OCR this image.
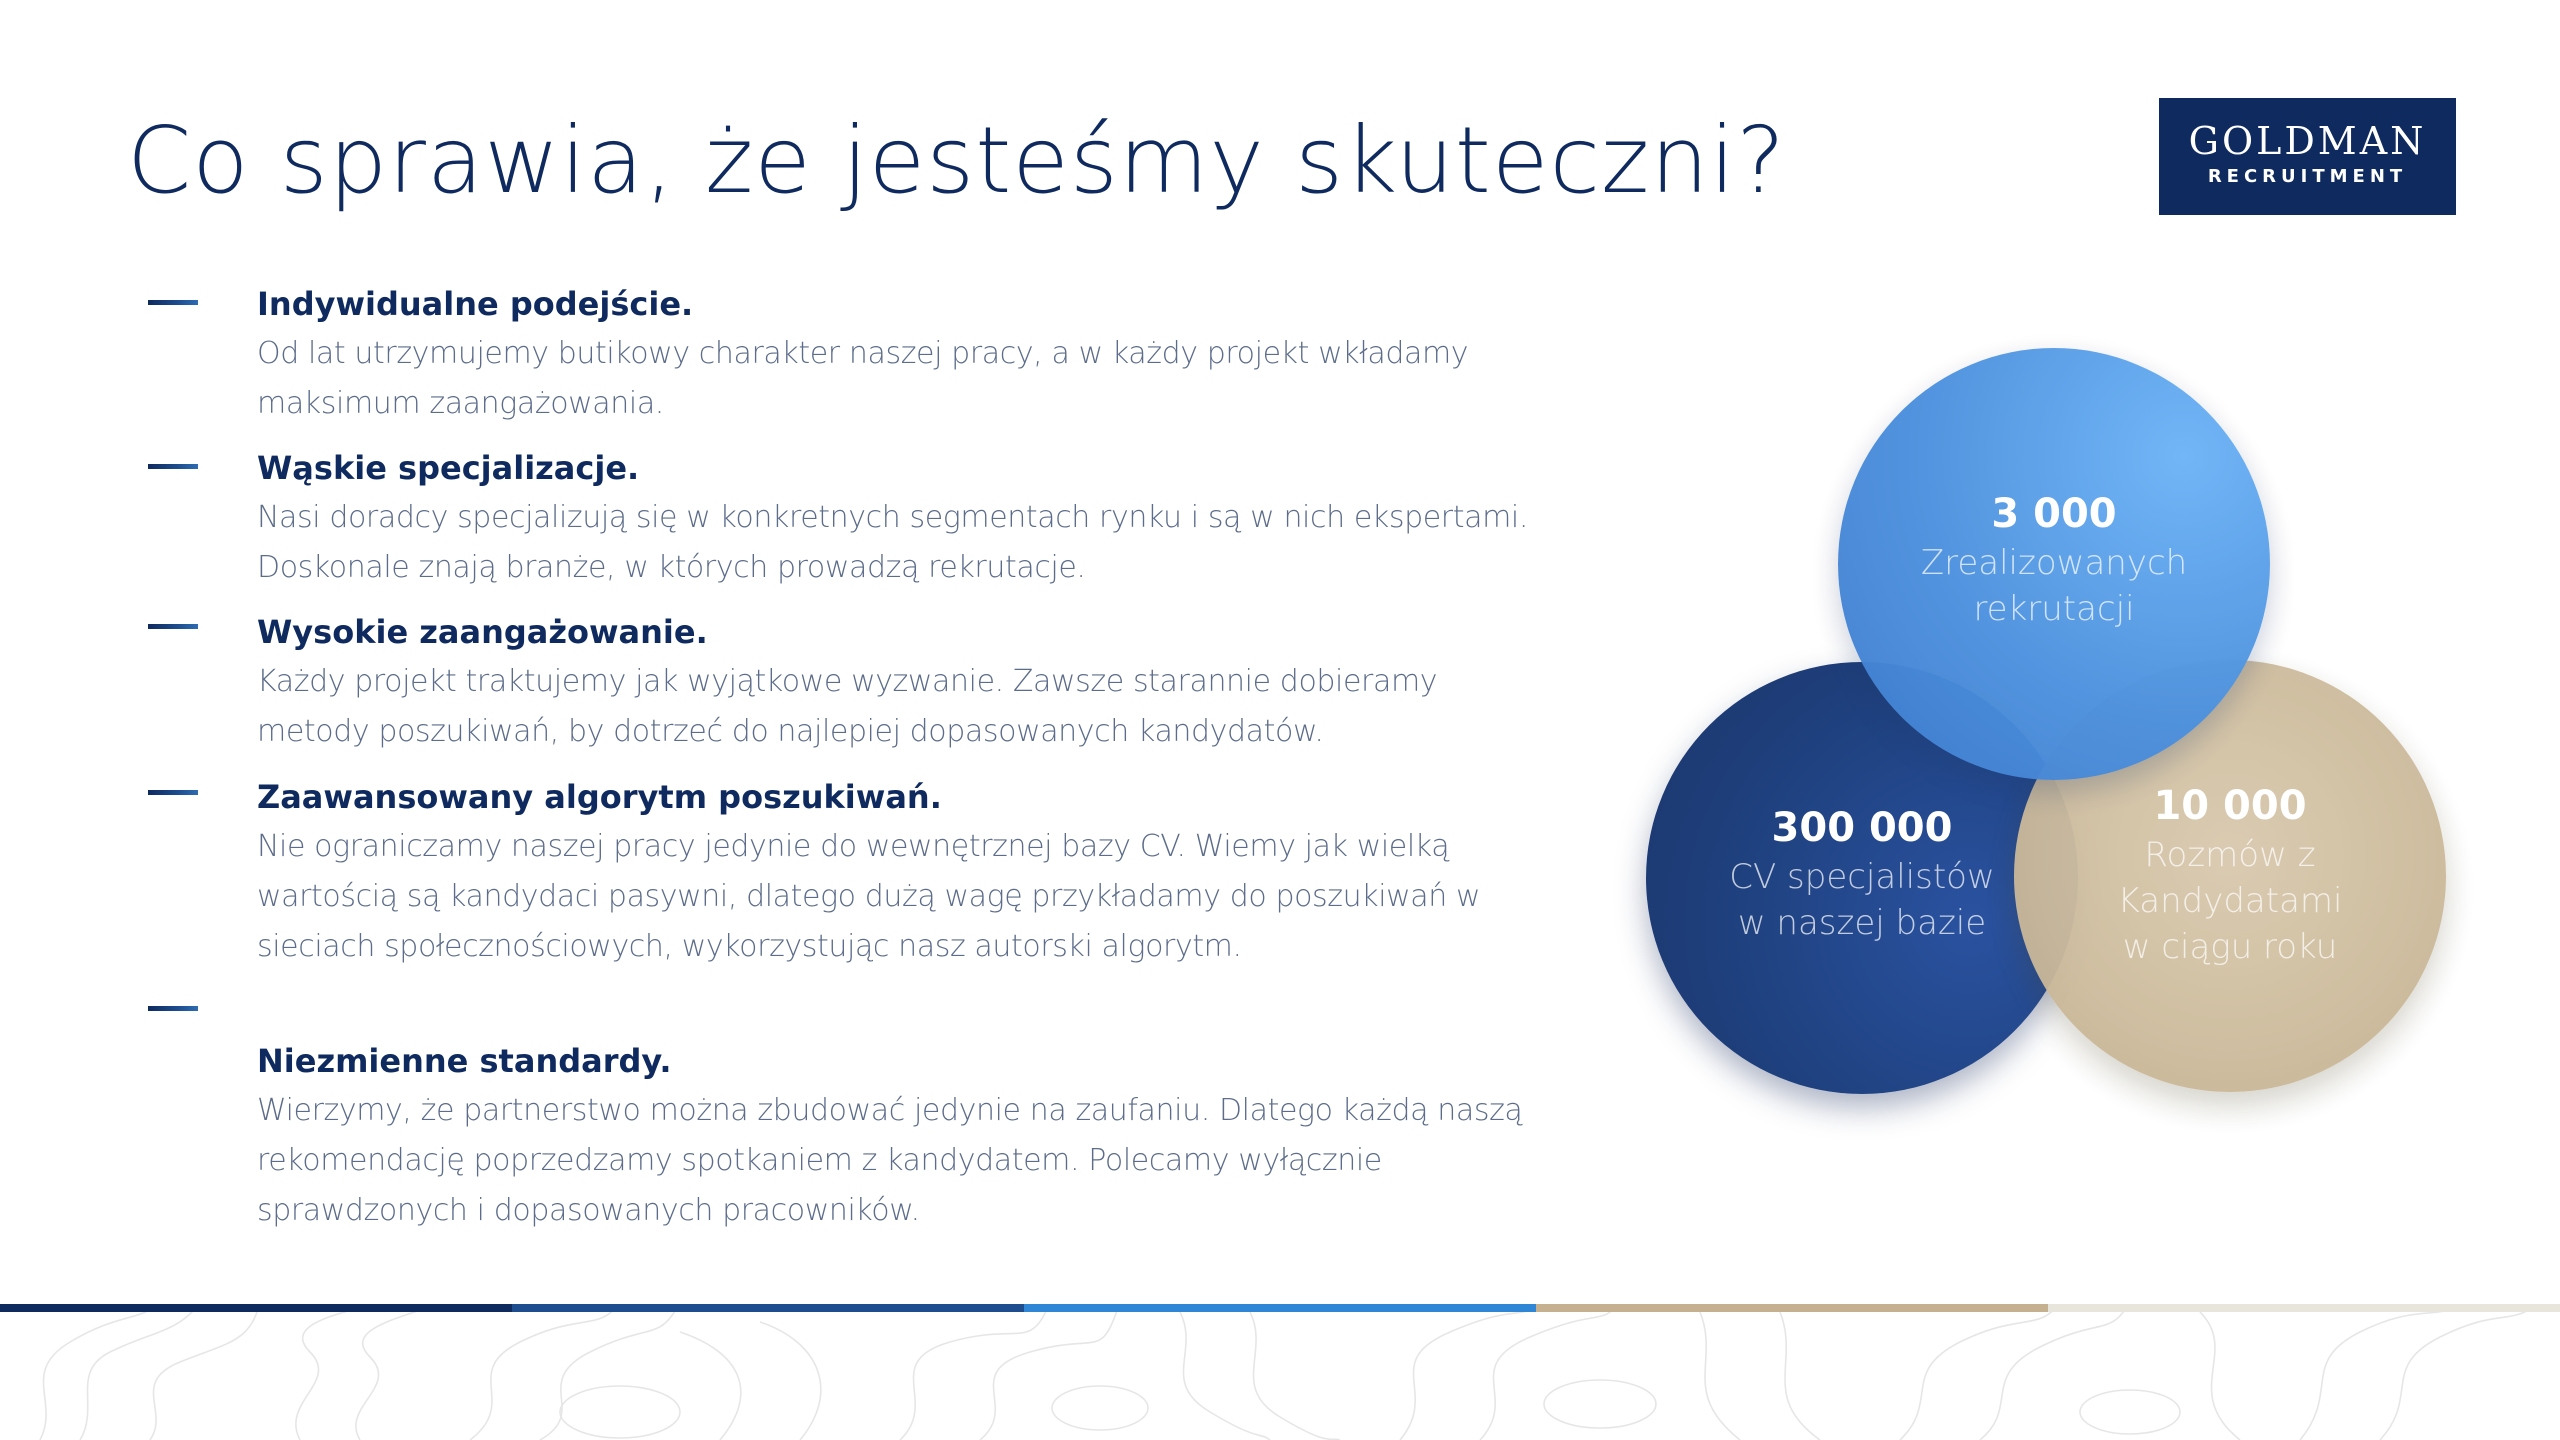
Co sprawia, że jesteśmy skuteczni?	GOLDMAN
RECRUITMENT
Indywidualne podejście.
Od lat utrzymujemy butikowy charakter naszej pracy, a w każdy projekt wkładamy maksimum zaangażowania.
Wąskie specjalizacje.
Nasi doradcy specjalizują się w konkretnych segmentach rynku i są w nich ekspertami. Doskonale znają branże, w których prowadzą rekrutacje.
Wysokie zaangażowanie.
Każdy projekt traktujemy jak wyjątkowe wyzwanie. Zawsze starannie dobieramy metody poszukiwań, by dotrzeć do najlepiej dopasowanych kandydatów.
Zaawansowany algorytm poszukiwań.
Nie ograniczamy naszej pracy jedynie do wewnętrznej bazy CV. Wiemy jak wielką wartością są kandydaci pasywni, dlatego dużą wagę przykładamy do poszukiwań w sieciach społecznościowych, wykorzystując nasz autorski algorytm.
Niezmienne standardy.
Wierzymy, że partnerstwo można zbudować jedynie na zaufaniu. Dlatego każdą naszą rekomendację poprzedzamy spotkaniem z kandydatem. Polecamy wyłącznie sprawdzonych i dopasowanych pracowników.
3 000
Zrealizowanych
rekrutacji
300 000
CV specjalistów
w naszej bazie
10 000
Rozmów z
Kandydatami
w ciągu roku
